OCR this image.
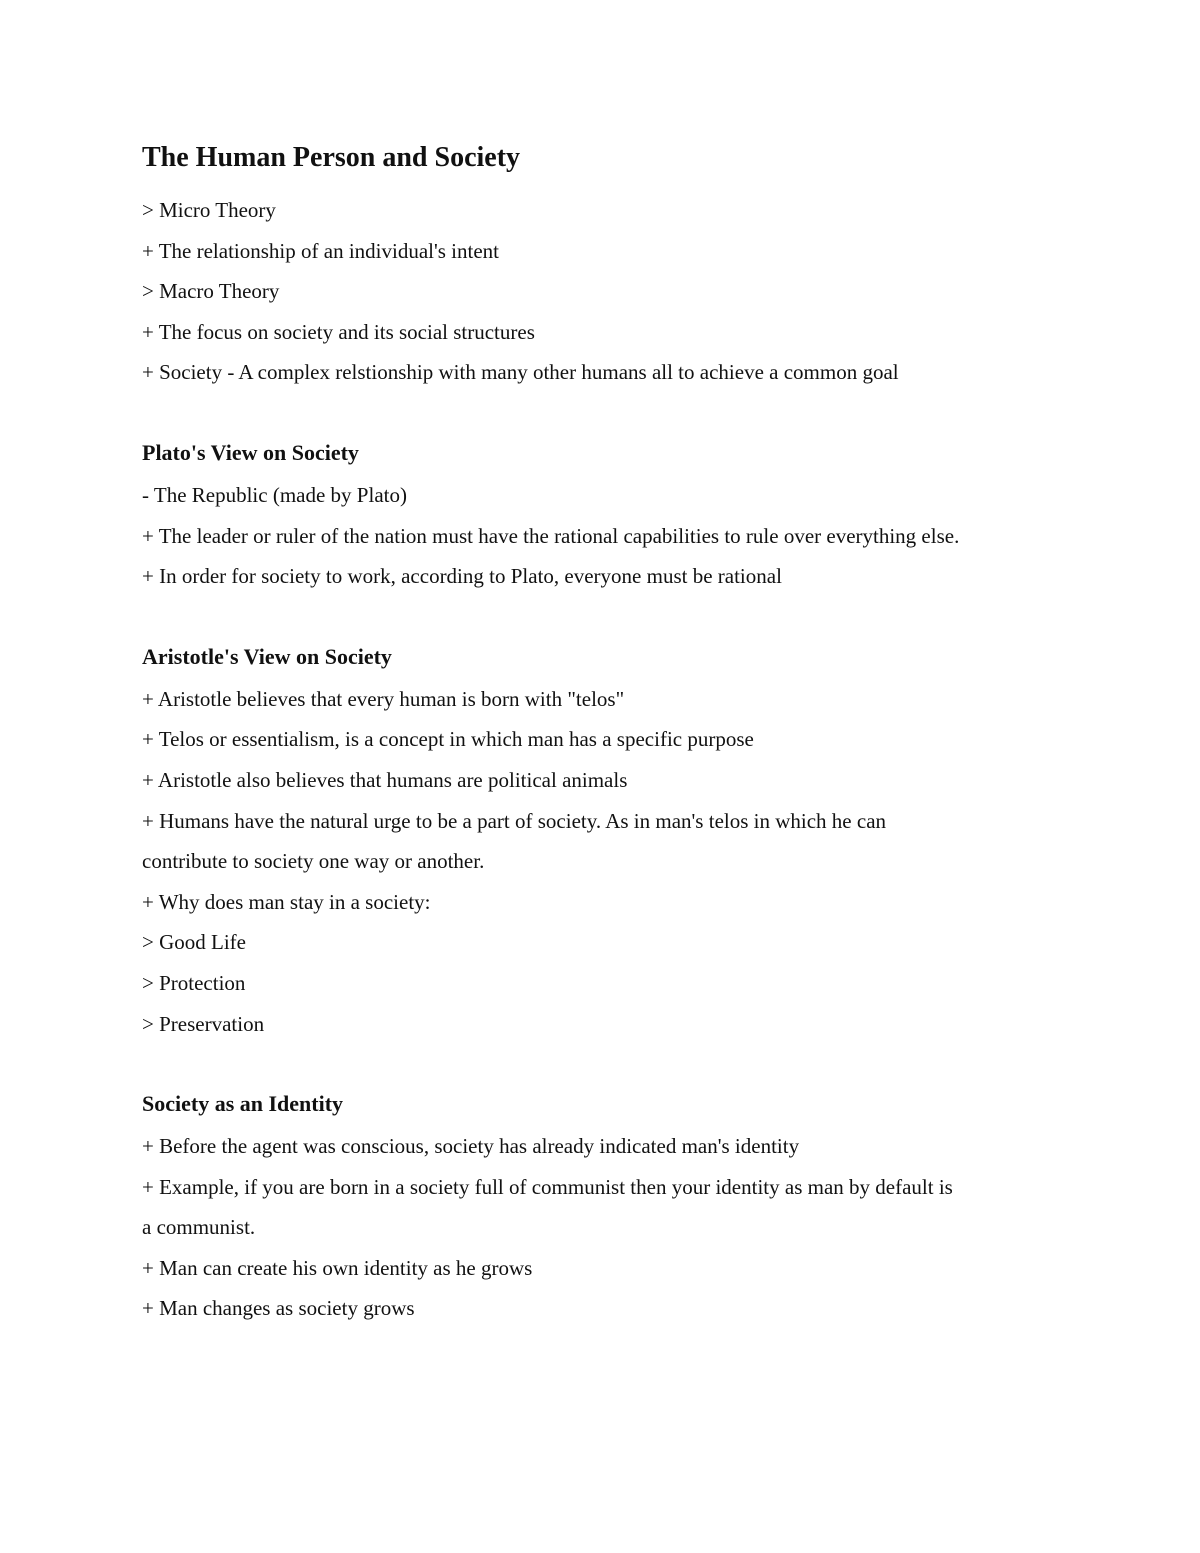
The Human Person and Society

> Micro Theory

+ The relationship of an individual's intent

> Macro Theory

+ The focus on society and its social structures

+ Society - A complex relstionship with many other humans all to achieve a common goal

Plato's View on Society

- The Republic (made by Plato)

+ The leader or ruler of the nation must have the rational capabilities to rule over everything else.

+ In order for society to work, according to Plato, everyone must be rational

Aristotle's View on Society

+ Aristotle believes that every human is born with "telos"

+ Telos or essentialism, is a concept in which man has a specific purpose

+ Aristotle also believes that humans are political animals

+ Humans have the natural urge to be a part of society. As in man's telos in which he can

contribute to society one way or another.

+ Why does man stay in a society:

> Good Life

> Protection

> Preservation

Society as an Identity

+ Before the agent was conscious, society has already indicated man's identity

+ Example, if you are born in a society full of communist then your identity as man by default is

a communist.

+ Man can create his own identity as he grows

+ Man changes as society grows
